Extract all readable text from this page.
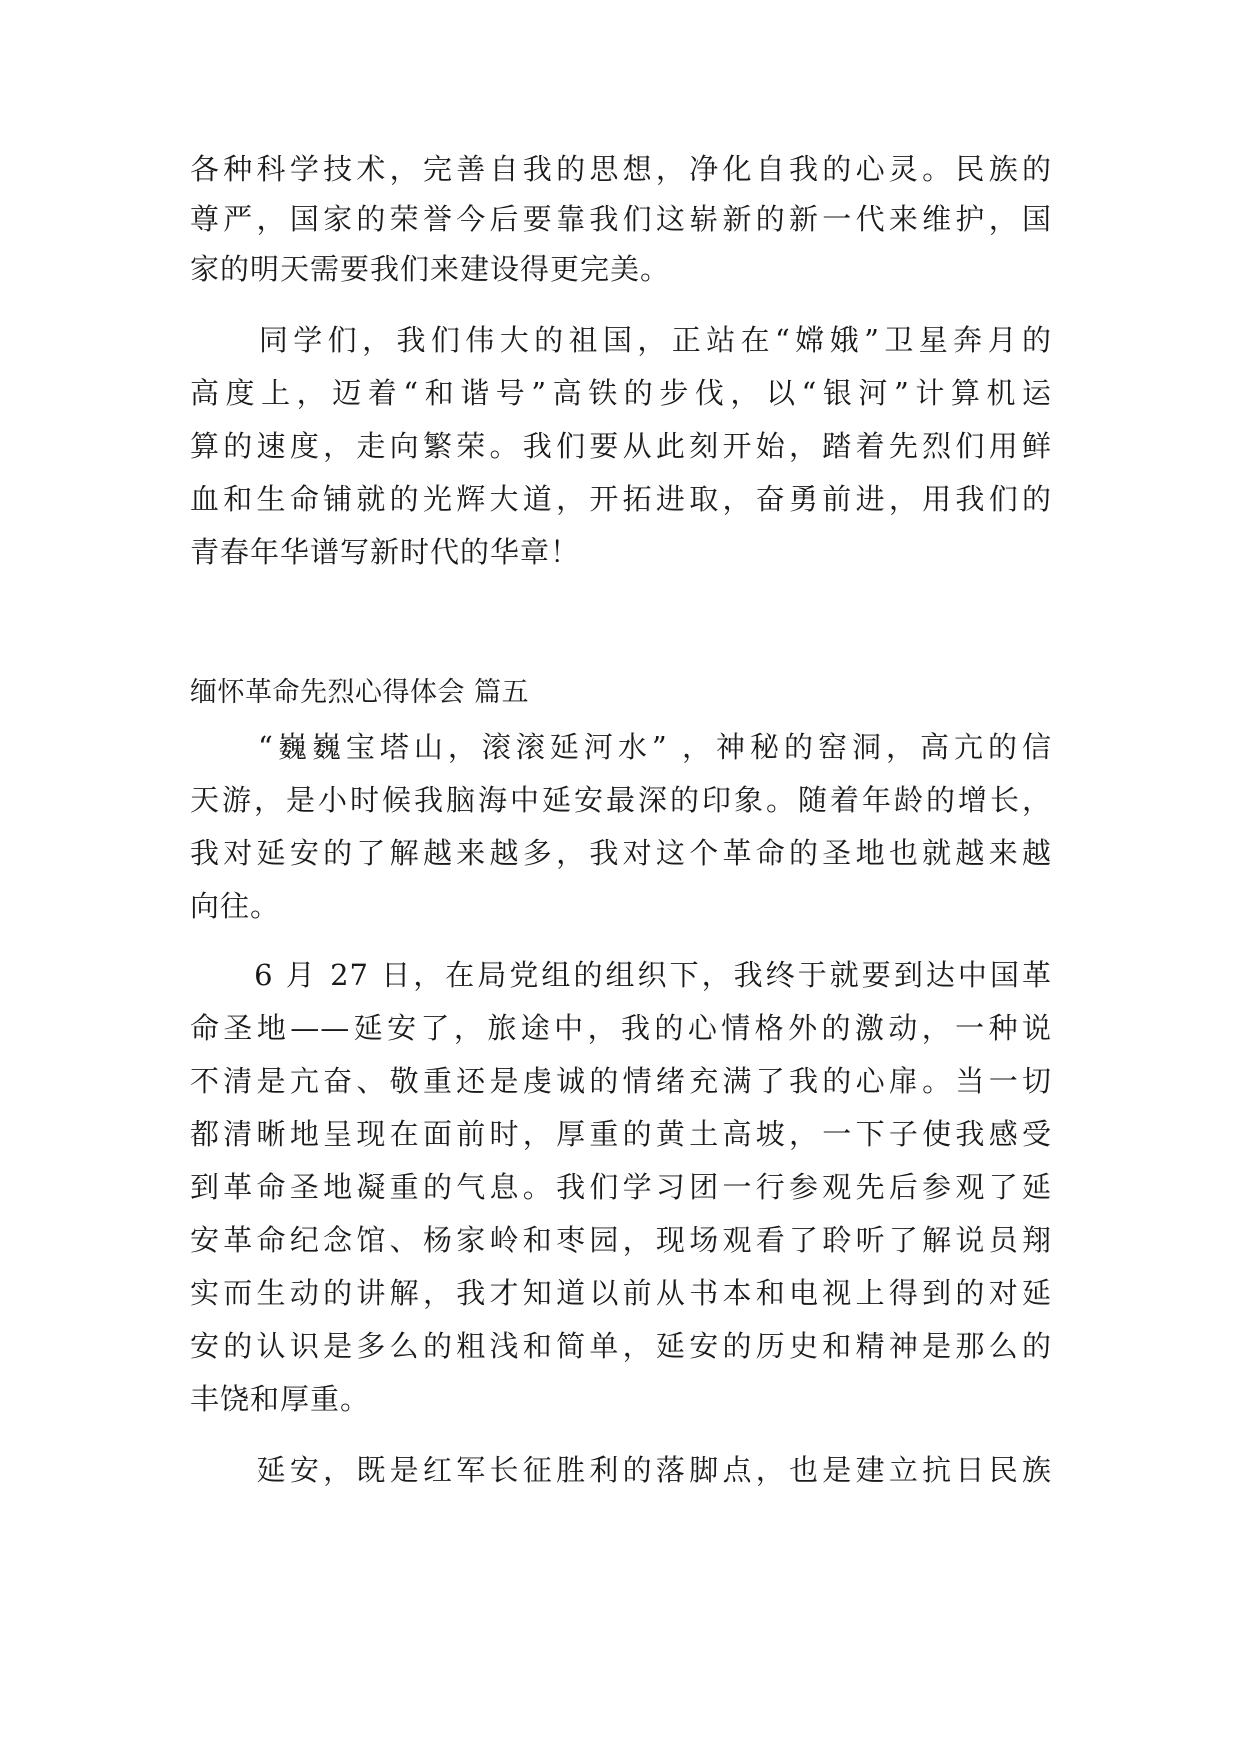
各种科学技术，完善自我的思想，净化自我的心灵。民族的
尊严，国家的荣誉今后要靠我们这崭新的新一代来维护，国
家的明天需要我们来建设得更完美。
　　同学们，我们伟大的祖国，正站在“嫦娥”卫星奔月的
高度上，迈着“和谐号”高铁的步伐，以“银河”计算机运
算的速度，走向繁荣。我们要从此刻开始，踏着先烈们用鲜
血和生命铺就的光辉大道，开拓进取，奋勇前进，用我们的
青春年华谱写新时代的华章！
缅怀革命先烈心得体会 篇五
　　“巍巍宝塔山，滚滚延河水” ，神秘的窑洞，高亢的信
天游，是小时候我脑海中延安最深的印象。随着年龄的增长，
我对延安的了解越来越多，我对这个革命的圣地也就越来越
向往。
　　6 月 27 日，在局党组的组织下，我终于就要到达中国革
命圣地——延安了，旅途中，我的心情格外的激动，一种说
不清是亢奋、敬重还是虔诚的情绪充满了我的心扉。当一切
都清晰地呈现在面前时，厚重的黄土高坡，一下子使我感受
到革命圣地凝重的气息。我们学习团一行参观先后参观了延
安革命纪念馆、杨家岭和枣园，现场观看了聆听了解说员翔
实而生动的讲解，我才知道以前从书本和电视上得到的对延
安的认识是多么的粗浅和简单，延安的历史和精神是那么的
丰饶和厚重。
　　延安，既是红军长征胜利的落脚点，也是建立抗日民族
